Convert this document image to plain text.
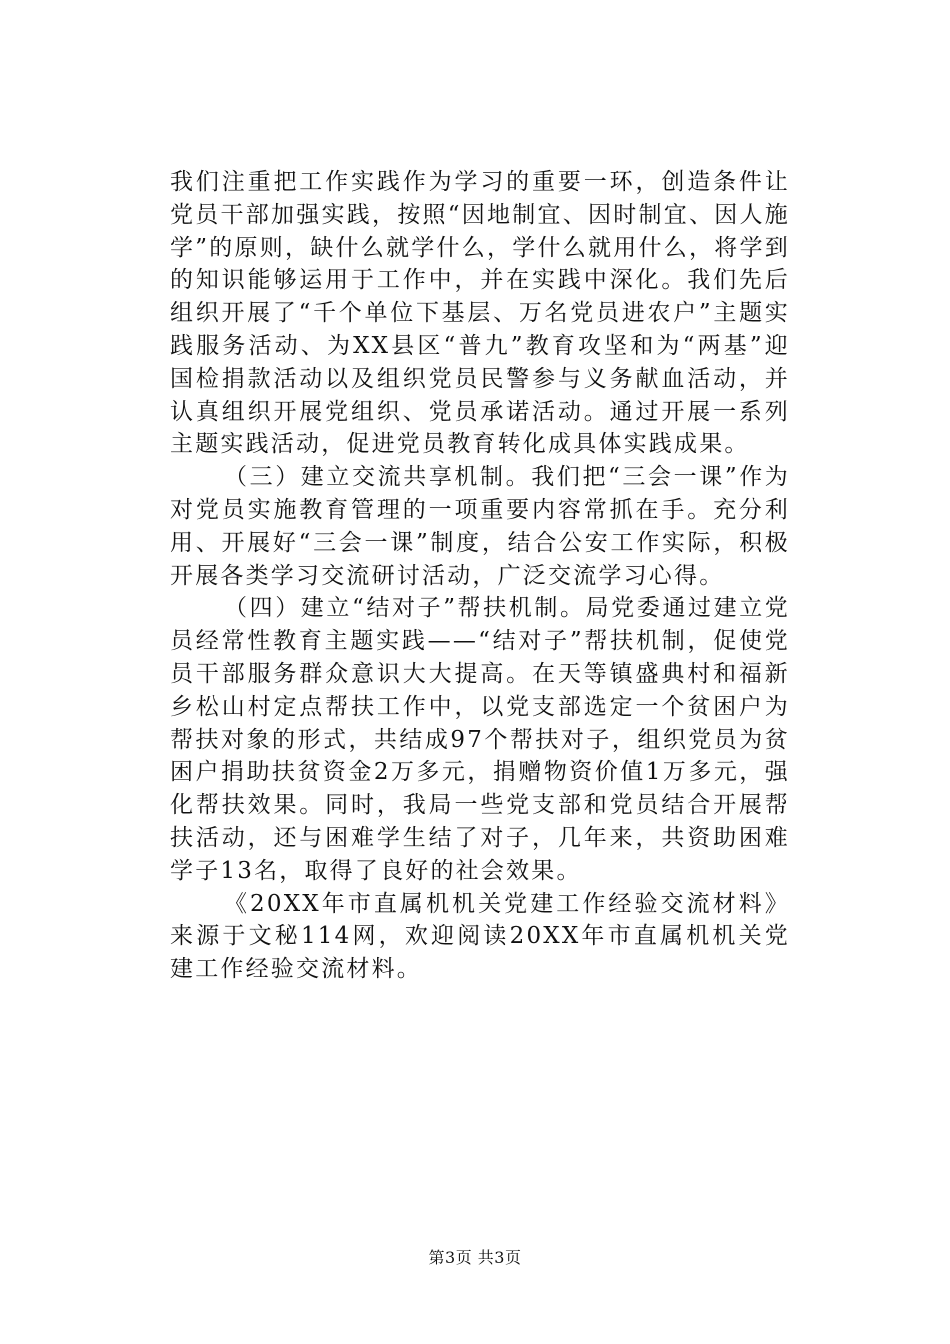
我们注重把工作实践作为学习的重要一环，创造条件让党员干部加强实践，按照“因地制宜、因时制宜、因人施学”的原则，缺什么就学什么，学什么就用什么，将学到的知识能够运用于工作中，并在实践中深化。我们先后组织开展了“千个单位下基层、万名党员进农户”主题实践服务活动、为XX县区“普九”教育攻坚和为“两基”迎国检捐款活动以及组织党员民警参与义务献血活动，并认真组织开展党组织、党员承诺活动。通过开展一系列主题实践活动，促进党员教育转化成具体实践成果。

（三）建立交流共享机制。我们把“三会一课”作为对党员实施教育管理的一项重要内容常抓在手。充分利用、开展好“三会一课”制度，结合公安工作实际，积极开展各类学习交流研讨活动，广泛交流学习心得。

（四）建立“结对子”帮扶机制。局党委通过建立党员经常性教育主题实践——“结对子”帮扶机制，促使党员干部服务群众意识大大提高。在天等镇盛典村和福新乡松山村定点帮扶工作中，以党支部选定一个贫困户为帮扶对象的形式，共结成97个帮扶对子，组织党员为贫困户捐助扶贫资金2万多元，捐赠物资价值1万多元，强化帮扶效果。同时，我局一些党支部和党员结合开展帮扶活动，还与困难学生结了对子，几年来，共资助困难学子13名，取得了良好的社会效果。

《20XX年市直属机机关党建工作经验交流材料》来源于文秘114网，欢迎阅读20XX年市直属机机关党建工作经验交流材料。

第3页 共3页
